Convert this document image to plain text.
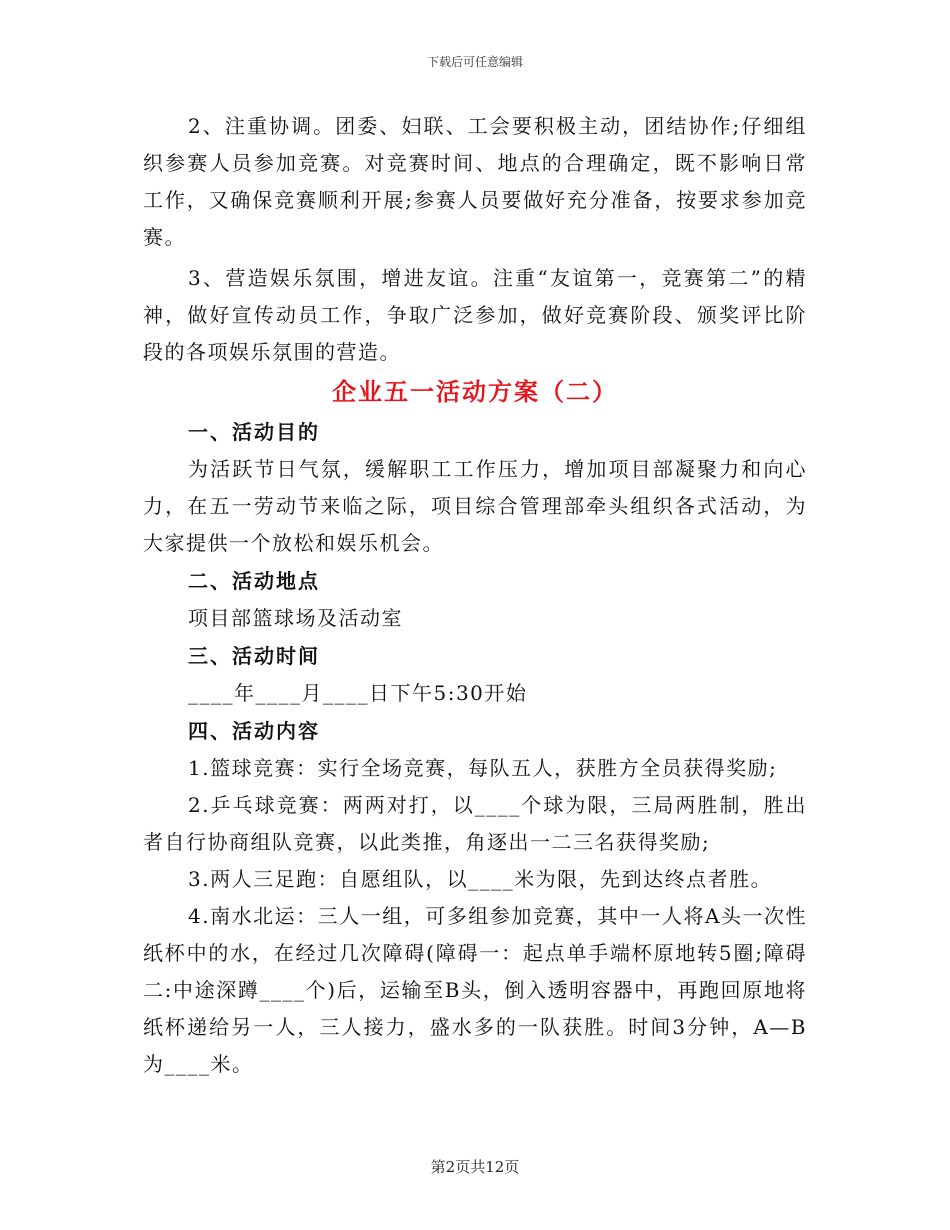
下载后可任意编辑

2、注重协调。团委、妇联、工会要积极主动，团结协作;仔细组织参赛人员参加竞赛。对竞赛时间、地点的合理确定，既不影响日常工作，又确保竞赛顺利开展;参赛人员要做好充分准备，按要求参加竞赛。

3、营造娱乐氛围，增进友谊。注重“友谊第一，竞赛第二”的精神，做好宣传动员工作，争取广泛参加，做好竞赛阶段、颁奖评比阶段的各项娱乐氛围的营造。

企业五一活动方案（二）

一、活动目的

为活跃节日气氛，缓解职工工作压力，增加项目部凝聚力和向心力，在五一劳动节来临之际，项目综合管理部牵头组织各式活动，为大家提供一个放松和娱乐机会。

二、活动地点

项目部篮球场及活动室

三、活动时间

____年____月____日下午5:30开始

四、活动内容

1.篮球竞赛：实行全场竞赛，每队五人，获胜方全员获得奖励;

2.乒乓球竞赛：两两对打，以____个球为限，三局两胜制，胜出者自行协商组队竞赛，以此类推，角逐出一二三名获得奖励;

3.两人三足跑：自愿组队，以____米为限，先到达终点者胜。

4.南水北运：三人一组，可多组参加竞赛，其中一人将A头一次性纸杯中的水，在经过几次障碍(障碍一：起点单手端杯原地转5圈;障碍二:中途深蹲____个)后，运输至B头，倒入透明容器中，再跑回原地将纸杯递给另一人，三人接力，盛水多的一队获胜。时间3分钟，A—B为____米。

第2页共12页
